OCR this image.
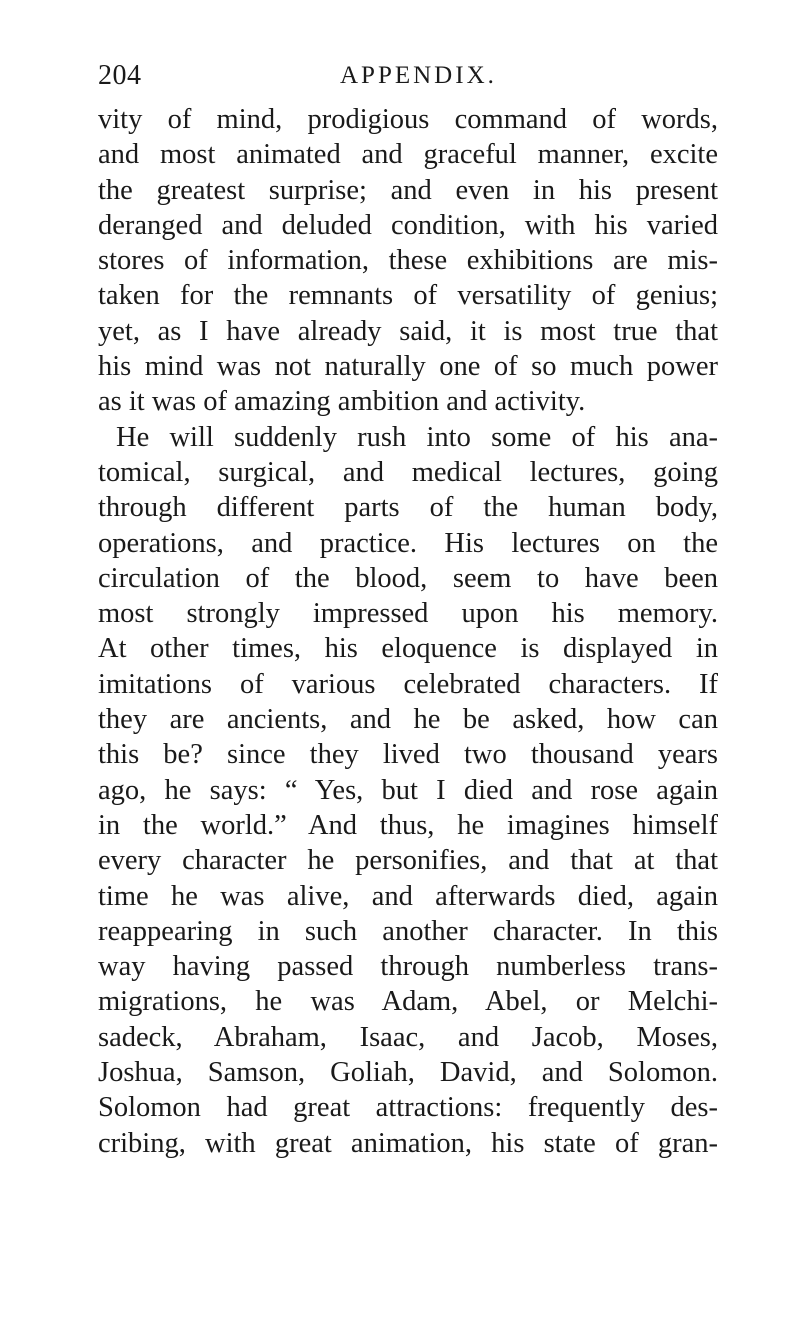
204	APPENDIX.
vity of mind, prodigious command of words,
and most animated and graceful manner, excite
the greatest surprise; and even in his present
deranged and deluded condition, with his varied
stores of information, these exhibitions are mis-
taken for the remnants of versatility of genius;
yet, as I have already said, it is most true that
his mind was not naturally one of so much power
as it was of amazing ambition and activity.
He will suddenly rush into some of his ana-
tomical, surgical, and medical lectures, going
through different parts of the human body,
operations, and practice. His lectures on the
circulation of the blood, seem to have been
most strongly impressed upon his memory.
At other times, his eloquence is displayed in
imitations of various celebrated characters. If
they are ancients, and he be asked, how can
this be? since they lived two thousand years
ago, he says: “ Yes, but I died and rose again
in the world.” And thus, he imagines himself
every character he personifies, and that at that
time he was alive, and afterwards died, again
reappearing in such another character. In this
way having passed through numberless trans-
migrations, he was Adam, Abel, or Melchi-
sadeck, Abraham, Isaac, and Jacob, Moses,
Joshua, Samson, Goliah, David, and Solomon.
Solomon had great attractions: frequently des-
cribing, with great animation, his state of gran-
